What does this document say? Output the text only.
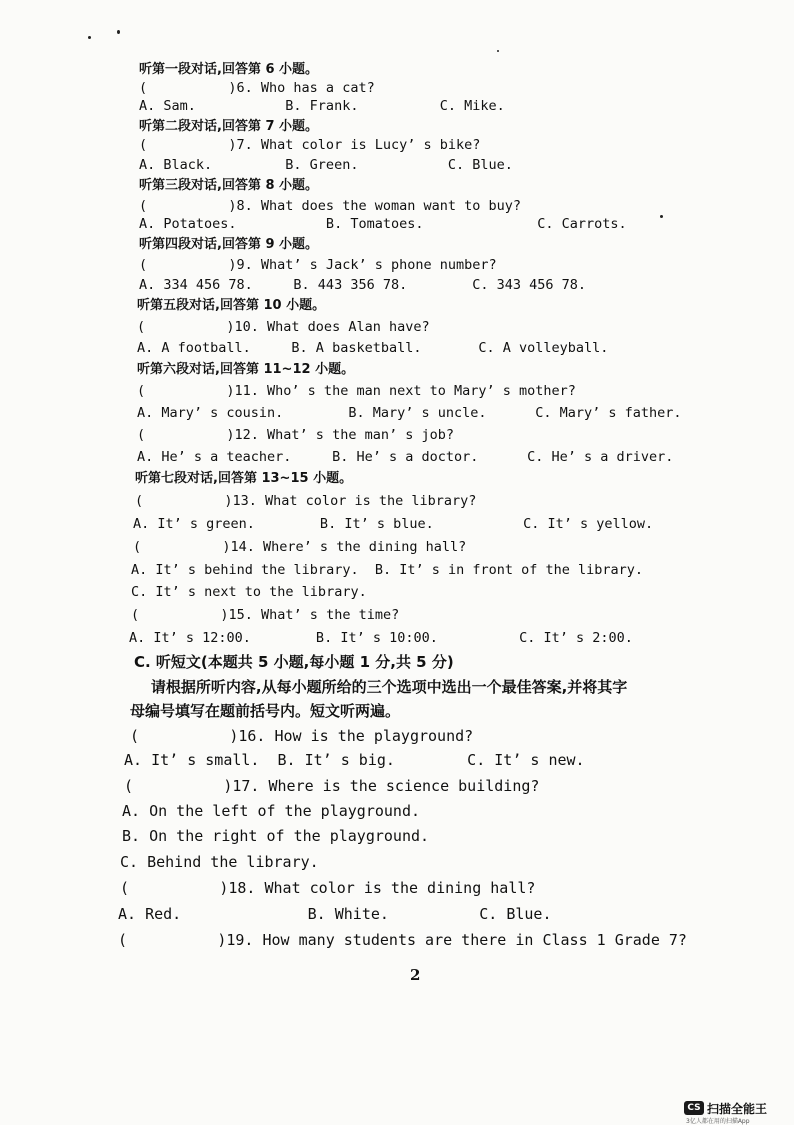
听第一段对话,回答第 6 小题。
(          )6. Who has a cat?
A. Sam.           B. Frank.          C. Mike.
听第二段对话,回答第 7 小题。
(          )7. What color is Lucy’ s bike?
A. Black.         B. Green.           C. Blue.
听第三段对话,回答第 8 小题。
(          )8. What does the woman want to buy?
A. Potatoes.           B. Tomatoes.              C. Carrots.
听第四段对话,回答第 9 小题。
(          )9. What’ s Jack’ s phone number?
A. 334 456 78.     B. 443 356 78.        C. 343 456 78.
听第五段对话,回答第 10 小题。
(          )10. What does Alan have?
A. A football.     B. A basketball.       C. A volleyball.
听第六段对话,回答第 11~12 小题。
(          )11. Who’ s the man next to Mary’ s mother?
A. Mary’ s cousin.        B. Mary’ s uncle.      C. Mary’ s father.
(          )12. What’ s the man’ s job?
A. He’ s a teacher.     B. He’ s a doctor.      C. He’ s a driver.
听第七段对话,回答第 13~15 小题。
(          )13. What color is the library?
A. It’ s green.        B. It’ s blue.           C. It’ s yellow.
(          )14. Where’ s the dining hall?
A. It’ s behind the library.  B. It’ s in front of the library.
C. It’ s next to the library.
(          )15. What’ s the time?
A. It’ s 12:00.        B. It’ s 10:00.          C. It’ s 2:00.
C. 听短文(本题共 5 小题,每小题 1 分,共 5 分)
请根据所听内容,从每小题所给的三个选项中选出一个最佳答案,并将其字
母编号填写在题前括号内。短文听两遍。
(          )16. How is the playground?
A. It’ s small.  B. It’ s big.        C. It’ s new.
(          )17. Where is the science building?
A. On the left of the playground.
B. On the right of the playground.
C. Behind the library.
(          )18. What color is the dining hall?
A. Red.              B. White.          C. Blue.
(          )19. How many students are there in Class 1 Grade 7?
2
CS 扫描全能王
3亿人都在用的扫描App
